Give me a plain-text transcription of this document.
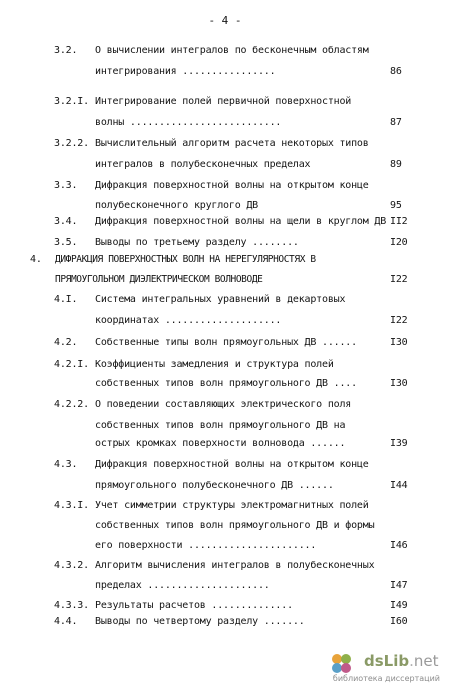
- 4 -
3.2. О вычислении интегралов по бесконечным областям
интегрирования ................	86
3.2.I. Интегрирование полей первичной поверхностной
волны ..........................	87
3.2.2. Вычислительный алгоритм расчета некоторых типов
интегралов в полубесконечных пределах	89
3.3. Дифракция поверхностной волны на открытом конце
полубесконечного круглого ДВ	95
3.4. Дифракция поверхностной волны на щели в круглом ДВ II2
3.5. Выводы по третьему разделу ........	I20
4. ДИФРАКЦИЯ ПОВЕРХНОСТНЫХ ВОЛН НА НЕРЕГУЛЯРНОСТЯХ В
ПРЯМОУГОЛЬНОМ ДИЭЛЕКТРИЧЕСКОМ ВОЛНОВОДЕ	I22
4.I. Система интегральных уравнений в декартовых
координатах ....................	I22
4.2. Собственные типы волн прямоугольных ДВ ......	I30
4.2.I. Коэффициенты замедления и структура полей
собственных типов волн прямоугольного ДВ ....	I30
4.2.2. О поведении составляющих электрического поля
собственных типов волн прямоугольного ДВ на
острых кромках поверхности волновода ......	I39
4.3. Дифракция поверхностной волны на открытом конце
прямоугольного полубесконечного ДВ ......	I44
4.3.I. Учет симметрии структуры электромагнитных полей
собственных типов волн прямоугольного ДВ и формы
его поверхности ......................	I46
4.3.2. Алгоритм вычисления интегралов в полубесконечных
пределах .....................	I47
4.3.3. Результаты расчетов ..............	I49
4.4. Выводы по четвертому разделу .......	I60
dsLib.net
библиотека диссертаций
